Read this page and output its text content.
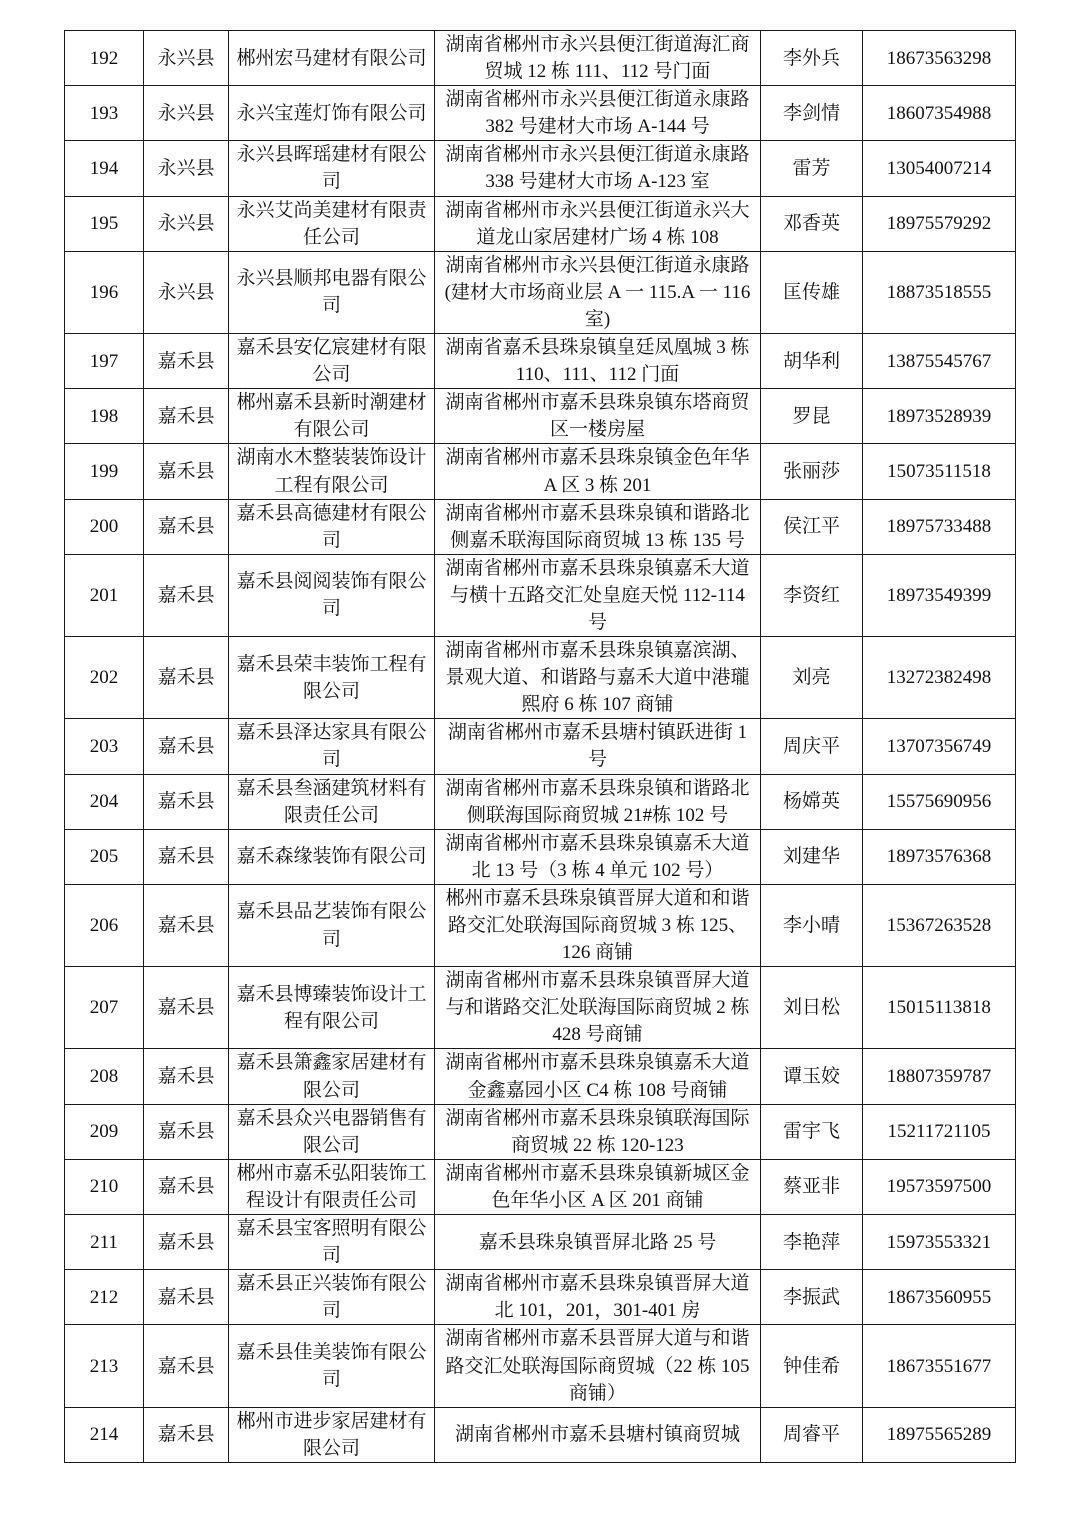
192	永兴县	郴州宏马建材有限公司	湖南省郴州市永兴县便江街道海汇商
贸城 12 栋 111、112 号门面	李外兵	18673563298
193	永兴县	永兴宝莲灯饰有限公司	湖南省郴州市永兴县便江街道永康路
382 号建材大市场 A-144 号	李剑情	18607354988
194	永兴县	永兴县晖瑶建材有限公司	湖南省郴州市永兴县便江街道永康路
338 号建材大市场 A-123 室	雷芳	13054007214
195	永兴县	永兴艾尚美建材有限责任公司	湖南省郴州市永兴县便江街道永兴大
道龙山家居建材广场 4 栋 108	邓香英	18975579292
196	永兴县	永兴县顺邦电器有限公司	湖南省郴州市永兴县便江街道永康路
(建材大市场商业层 A 一 115.A 一 116
室)	匡传雄	18873518555
197	嘉禾县	嘉禾县安亿宸建材有限公司	湖南省嘉禾县珠泉镇皇廷凤凰城 3 栋
110、111、112 门面	胡华利	13875545767
198	嘉禾县	郴州嘉禾县新时潮建材有限公司	湖南省郴州市嘉禾县珠泉镇东塔商贸
区一楼房屋	罗昆	18973528939
199	嘉禾县	湖南水木整装装饰设计工程有限公司	湖南省郴州市嘉禾县珠泉镇金色年华
A 区 3 栋 201	张丽莎	15073511518
200	嘉禾县	嘉禾县高德建材有限公司	湖南省郴州市嘉禾县珠泉镇和谐路北
侧嘉禾联海国际商贸城 13 栋 135 号	侯江平	18975733488
201	嘉禾县	嘉禾县阅阅装饰有限公司	湖南省郴州市嘉禾县珠泉镇嘉禾大道
与横十五路交汇处皇庭天悦 112-114
号	李资红	18973549399
202	嘉禾县	嘉禾县荣丰装饰工程有限公司	湖南省郴州市嘉禾县珠泉镇嘉滨湖、
景观大道、和谐路与嘉禾大道中港瓏
熙府 6 栋 107 商铺	刘亮	13272382498
203	嘉禾县	嘉禾县泽达家具有限公司	湖南省郴州市嘉禾县塘村镇跃进街 1
号	周庆平	13707356749
204	嘉禾县	嘉禾县叁涵建筑材料有限责任公司	湖南省郴州市嘉禾县珠泉镇和谐路北
侧联海国际商贸城 21#栋 102 号	杨嫦英	15575690956
205	嘉禾县	嘉禾森缘装饰有限公司	湖南省郴州市嘉禾县珠泉镇嘉禾大道
北 13 号（3 栋 4 单元 102 号）	刘建华	18973576368
206	嘉禾县	嘉禾县品艺装饰有限公司	郴州市嘉禾县珠泉镇晋屏大道和和谐
路交汇处联海国际商贸城 3 栋 125、
126 商铺	李小晴	15367263528
207	嘉禾县	嘉禾县博臻装饰设计工程有限公司	湖南省郴州市嘉禾县珠泉镇晋屏大道
与和谐路交汇处联海国际商贸城 2 栋
428 号商铺	刘日松	15015113818
208	嘉禾县	嘉禾县箫鑫家居建材有限公司	湖南省郴州市嘉禾县珠泉镇嘉禾大道
金鑫嘉园小区 C4 栋 108 号商铺	谭玉姣	18807359787
209	嘉禾县	嘉禾县众兴电器销售有限公司	湖南省郴州市嘉禾县珠泉镇联海国际
商贸城 22 栋 120-123	雷宇飞	15211721105
210	嘉禾县	郴州市嘉禾弘阳装饰工程设计有限责任公司	湖南省郴州市嘉禾县珠泉镇新城区金
色年华小区 A 区 201 商铺	蔡亚非	19573597500
211	嘉禾县	嘉禾县宝客照明有限公司	嘉禾县珠泉镇晋屏北路 25 号	李艳萍	15973553321
212	嘉禾县	嘉禾县正兴装饰有限公司	湖南省郴州市嘉禾县珠泉镇晋屏大道
北 101，201，301-401 房	李振武	18673560955
213	嘉禾县	嘉禾县佳美装饰有限公司	湖南省郴州市嘉禾县晋屏大道与和谐
路交汇处联海国际商贸城（22 栋 105
商铺）	钟佳希	18673551677
214	嘉禾县	郴州市进步家居建材有限公司	湖南省郴州市嘉禾县塘村镇商贸城	周睿平	18975565289
